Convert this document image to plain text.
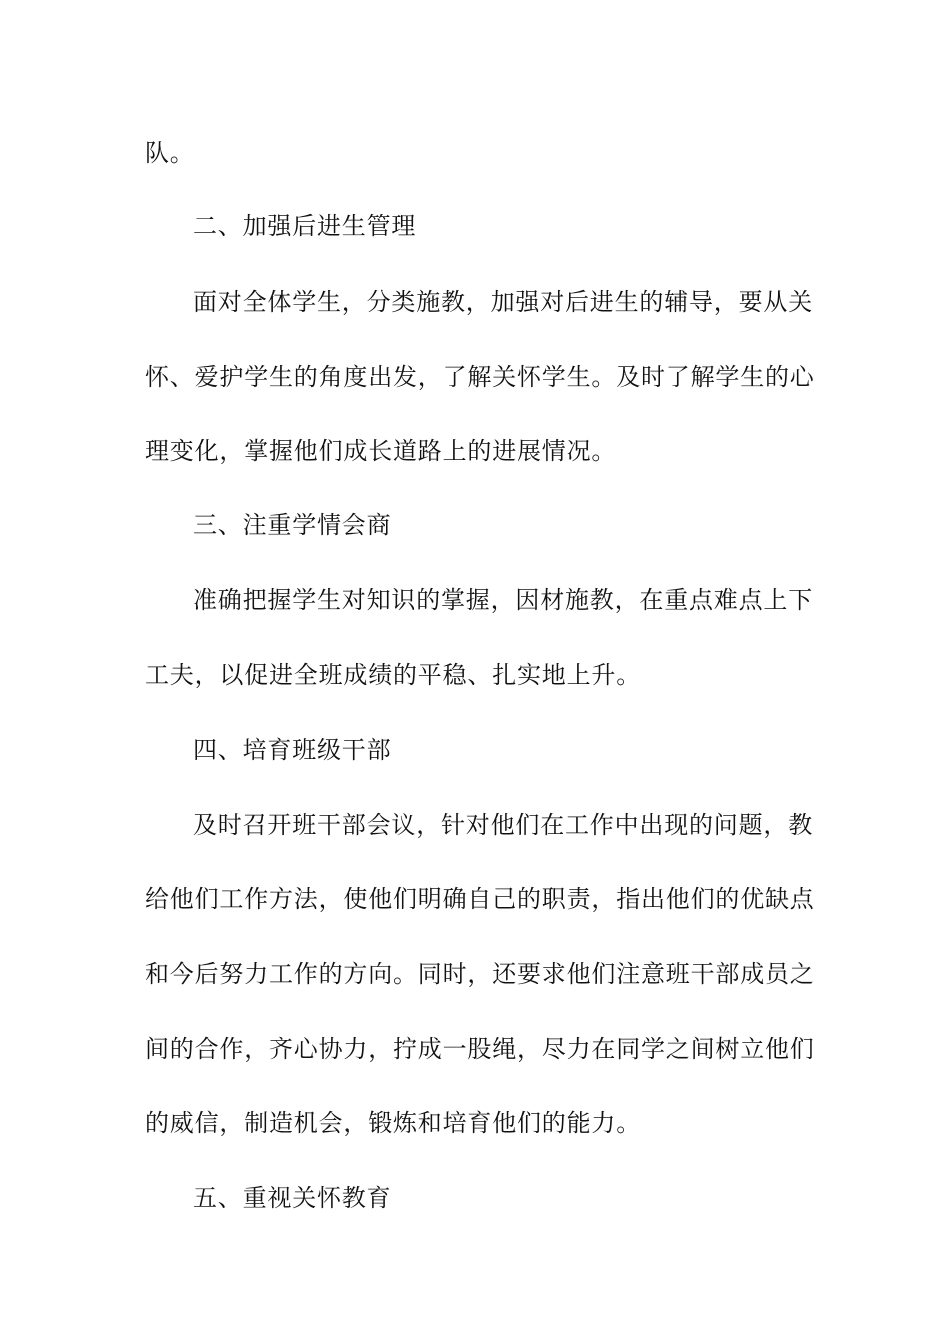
队。
二、加强后进生管理
面对全体学生，分类施教，加强对后进生的辅导，要从关
怀、爱护学生的角度出发，了解关怀学生。及时了解学生的心
理变化，掌握他们成长道路上的进展情况。
三、注重学情会商
准确把握学生对知识的掌握，因材施教，在重点难点上下
工夫，以促进全班成绩的平稳、扎实地上升。
四、培育班级干部
及时召开班干部会议，针对他们在工作中出现的问题，教
给他们工作方法，使他们明确自己的职责，指出他们的优缺点
和今后努力工作的方向。同时，还要求他们注意班干部成员之
间的合作，齐心协力，拧成一股绳，尽力在同学之间树立他们
的威信，制造机会，锻炼和培育他们的能力。
五、重视关怀教育
